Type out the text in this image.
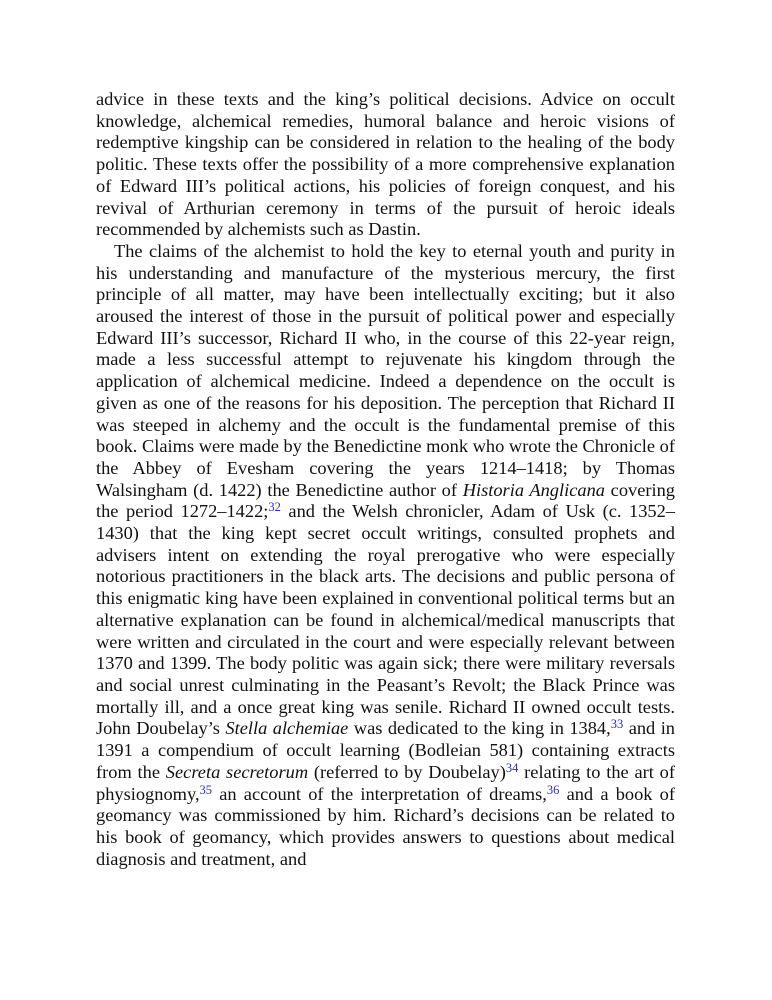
advice in these texts and the king’s political decisions. Advice on occult knowledge, alchemical remedies, humoral balance and heroic visions of redemptive kingship can be considered in relation to the healing of the body politic. These texts offer the possibility of a more comprehensive explanation of Edward III’s political actions, his policies of foreign conquest, and his revival of Arthurian ceremony in terms of the pursuit of heroic ideals recommended by alchemists such as Dastin.

The claims of the alchemist to hold the key to eternal youth and purity in his understanding and manufacture of the mysterious mercury, the first principle of all matter, may have been intellectually exciting; but it also aroused the interest of those in the pursuit of political power and especially Edward III’s successor, Richard II who, in the course of this 22-year reign, made a less successful attempt to rejuvenate his kingdom through the application of alchemical medicine. Indeed a dependence on the occult is given as one of the reasons for his deposition. The perception that Richard II was steeped in alchemy and the occult is the fundamental premise of this book. Claims were made by the Benedictine monk who wrote the Chronicle of the Abbey of Evesham covering the years 1214–1418; by Thomas Walsingham (d. 1422) the Benedictine author of Historia Anglicana covering the period 1272–1422;$^{32}$ and the Welsh chronicler, Adam of Usk (c. 1352–1430) that the king kept secret occult writings, consulted prophets and advisers intent on extending the royal prerogative who were especially notorious practitioners in the black arts. The decisions and public persona of this enigmatic king have been explained in conventional political terms but an alternative explanation can be found in alchemical/medical manuscripts that were written and circulated in the court and were especially relevant between 1370 and 1399. The body politic was again sick; there were military reversals and social unrest culminating in the Peasant’s Revolt; the Black Prince was mortally ill, and a once great king was senile. Richard II owned occult tests. John Doubelay’s Stella alchemiae was dedicated to the king in 1384,33 and in 1391 a compendium of occult learning (Bodleian 581) containing extracts from the Secreta secretorum (referred to by Doubelay)$^{34}$ relating to the art of physiognomy,$^{35}$ an account of the interpretation of dreams,$^{36}$ and a book of geomancy was commissioned by him. Richard’s decisions can be related to his book of geomancy, which provides answers to questions about medical diagnosis and treatment, and
